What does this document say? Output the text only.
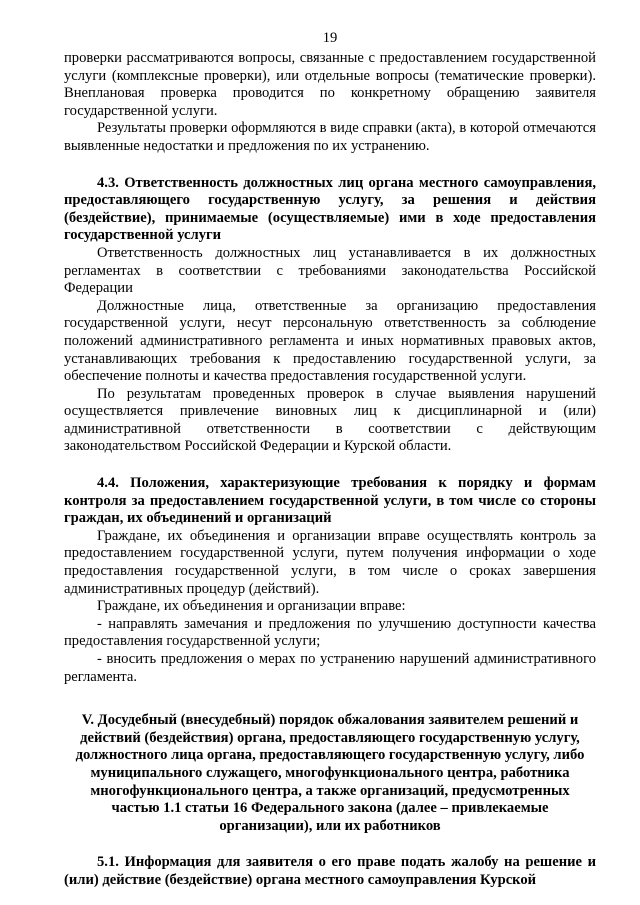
19

проверки рассматриваются вопросы, связанные с предоставлением государственной услуги (комплексные проверки), или отдельные вопросы (тематические проверки). Внеплановая проверка проводится по конкретному обращению заявителя государственной услуги.

Результаты проверки оформляются в виде справки (акта), в которой отмечаются выявленные недостатки и предложения по их устранению.

4.3. Ответственность должностных лиц органа местного самоуправления, предоставляющего государственную услугу, за решения и действия (бездействие), принимаемые (осуществляемые) ими в ходе предоставления государственной услуги

Ответственность должностных лиц устанавливается в их должностных регламентах в соответствии с требованиями законодательства Российской Федерации

Должностные лица, ответственные за организацию предоставления государственной услуги, несут персональную ответственность за соблюдение положений административного регламента и иных нормативных правовых актов, устанавливающих требования к предоставлению государственной услуги, за обеспечение полноты и качества предоставления государственной услуги.

По результатам проведенных проверок в случае выявления нарушений осуществляется привлечение виновных лиц к дисциплинарной и (или) административной ответственности в соответствии с действующим законодательством Российской Федерации и Курской области.

4.4. Положения, характеризующие требования к порядку и формам контроля за предоставлением государственной услуги, в том числе со стороны граждан, их объединений и организаций

Граждане, их объединения и организации вправе осуществлять контроль за предоставлением государственной услуги, путем получения информации о ходе предоставления государственной услуги, в том числе о сроках завершения административных процедур (действий).

Граждане, их объединения и организации вправе:

- направлять замечания и предложения по улучшению доступности качества предоставления государственной услуги;

- вносить предложения о мерах по устранению нарушений административного регламента.

V. Досудебный (внесудебный) порядок обжалования заявителем решений и действий (бездействия) органа, предоставляющего государственную услугу, должностного лица органа, предоставляющего государственную услугу, либо муниципального служащего, многофункционального центра, работника многофункционального центра, а также организаций, предусмотренных частью 1.1 статьи 16 Федерального закона (далее – привлекаемые организации), или их работников

5.1. Информация для заявителя о его праве подать жалобу на решение и (или) действие (бездействие) органа местного самоуправления Курской
